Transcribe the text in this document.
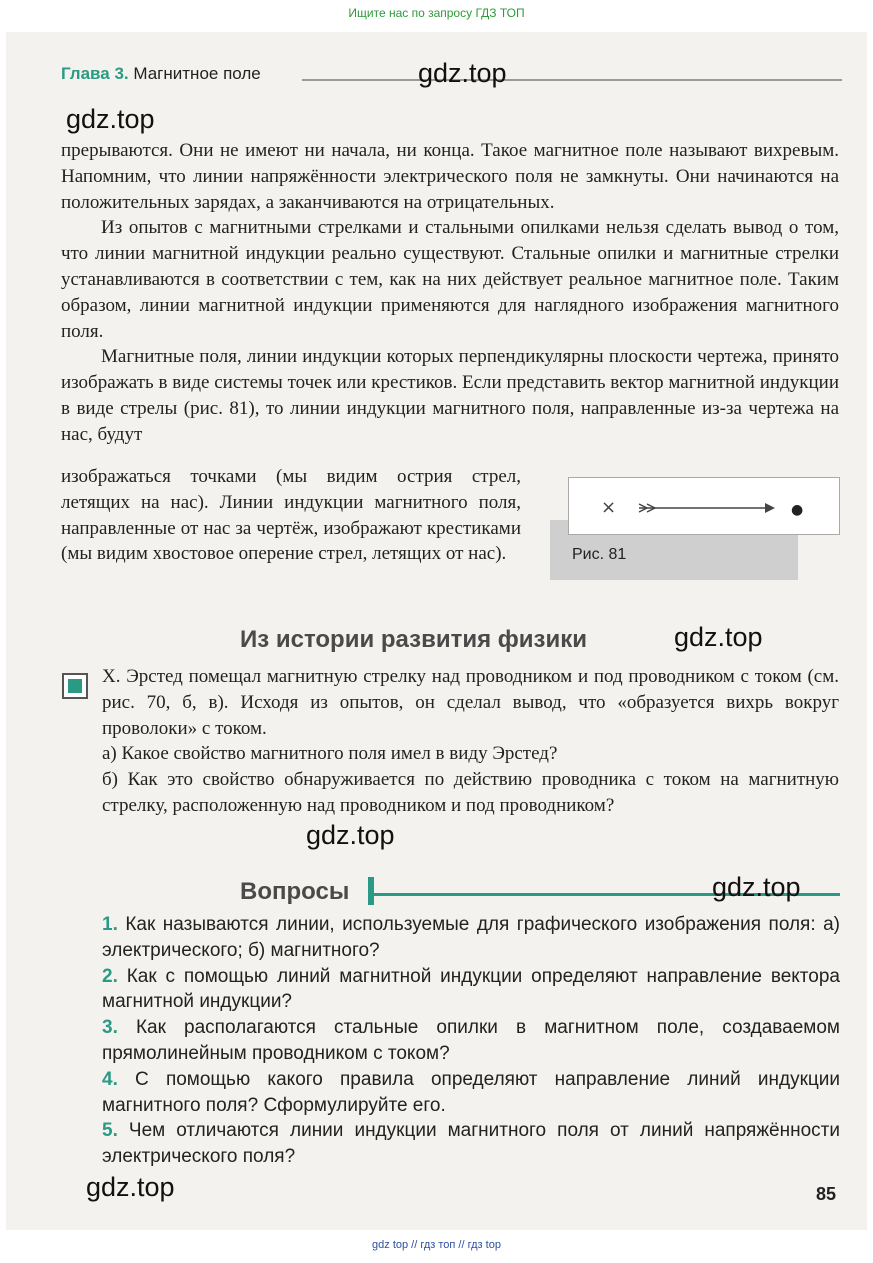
Ищите нас по запросу ГДЗ ТОП
Глава 3. Магнитное поле	gdz.top
gdz.top

прерываются. Они не имеют ни начала, ни конца. Такое магнитное поле называют вихревым. Напомним, что линии напряжённости электрического поля не замкнуты. Они начинаются на положительных зарядах, а заканчиваются на отрицательных.

Из опытов с магнитными стрелками и стальными опилками нельзя сделать вывод о том, что линии магнитной индукции реально существуют. Стальные опилки и магнитные стрелки устанавливаются в соответствии с тем, как на них действует реальное магнитное поле. Таким образом, линии магнитной индукции применяются для наглядного изображения магнитного поля.

Магнитные поля, линии индукции которых перпендикулярны плоскости чертежа, принято изображать в виде системы точек или крестиков. Если представить вектор магнитной индукции в виде стрелы (рис. 81), то линии индукции магнитного поля, направленные из-за чертежа на нас, будут

изображаться точками (мы видим острия стрел, летящих на нас). Линии индукции магнитного поля, направленные от нас за чертёж, изображают крестиками (мы видим хвостовое оперение стрел, летящих от нас).

×	●
Рис. 81
Из истории развития физики	gdz.top

Х. Эрстед помещал магнитную стрелку над проводником и под проводником с током (см. рис. 70, б, в). Исходя из опытов, он сделал вывод, что «образуется вихрь вокруг проволоки» с током.

а) Какое свойство магнитного поля имел в виду Эрстед?

б) Как это свойство обнаруживается по действию проводника с током на магнитную стрелку, расположенную над проводником и под проводником?

gdz.top
Вопросы	gdz.top

1. Как называются линии, используемые для графического изображения поля: а) электрического; б) магнитного?

2. Как с помощью линий магнитной индукции определяют направление вектора магнитной индукции?

3. Как располагаются стальные опилки в магнитном поле, создаваемом прямолинейным проводником с током?

4. С помощью какого правила определяют направление линий индукции магнитного поля? Сформулируйте его.

5. Чем отличаются линии индукции магнитного поля от линий напряжённости электрического поля?

gdz.top	85
gdz top // гдз топ // гдз top
